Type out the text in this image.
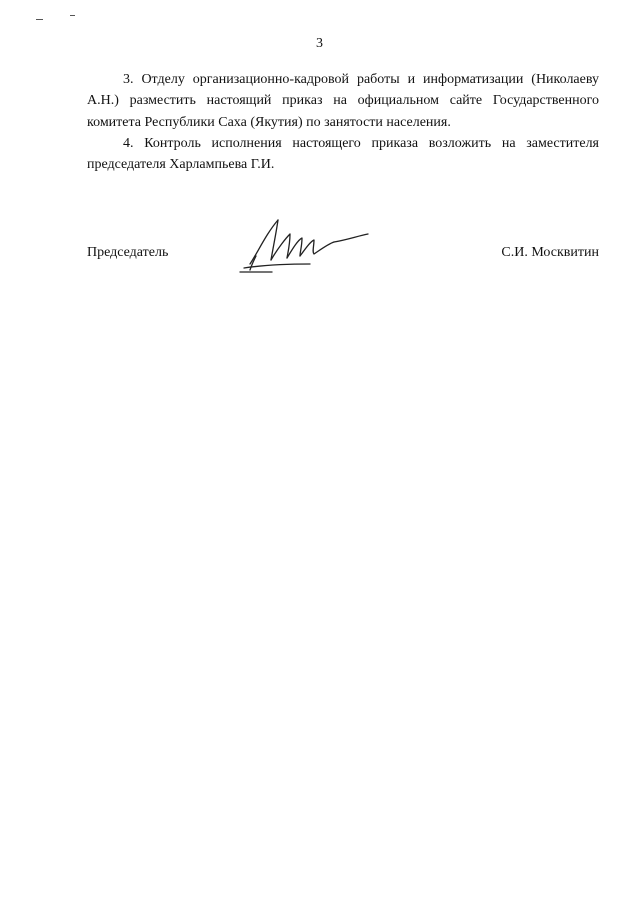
3

3. Отделу организационно-кадровой работы и информатизации (Николаеву А.Н.) разместить настоящий приказ на официальном сайте Государственного комитета Республики Саха (Якутия) по занятости населения.

4. Контроль исполнения настоящего приказа возложить на заместителя председателя Харлампьева Г.И.

Председатель	С.И. Москвитин
